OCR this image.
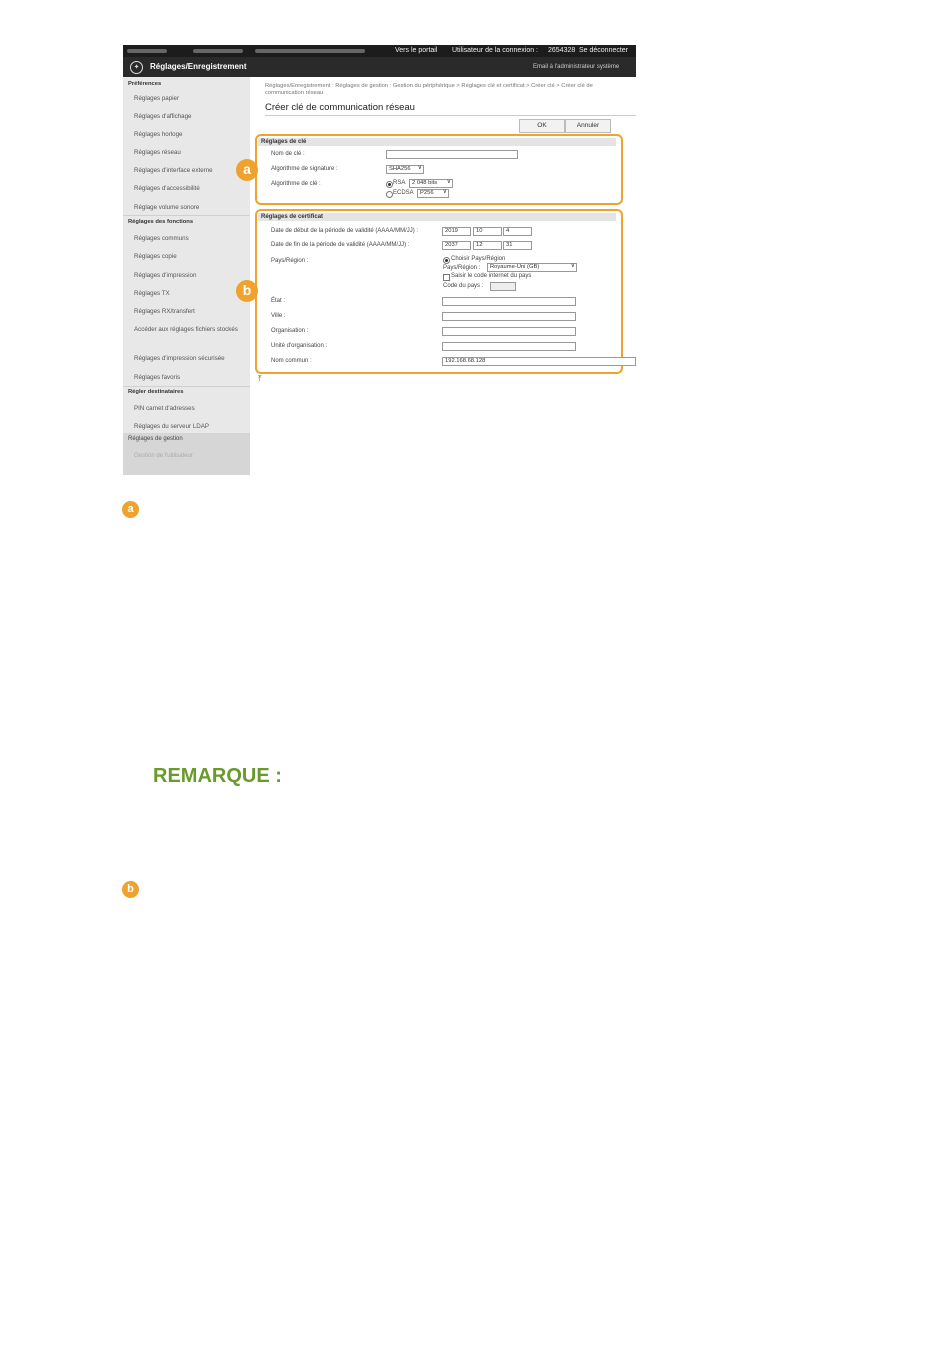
Vers le portail Utilisateur de la connexion : 2654328 Se déconnecter
✦	Réglages/Enregistrement	Email à l'administrateur système
Préférences
Réglages papier
Réglages d'affichage
Réglages horloge
Réglages réseau
Réglages d'interface externe
Réglages d'accessibilité
Réglage volume sonore
Réglages des fonctions
Réglages communs
Réglages copie
Réglages d'impression
Réglages TX
Réglages RX/transfert
Accéder aux réglages fichiers stockés
Réglages d'impression sécurisée
Réglages favoris
Régler destinataires
PIN carnet d'adresses
Réglages du serveur LDAP
Réglages de gestion
Gestion de l'utilisateur
Réglages/Enregistrement : Réglages de gestion : Gestion du périphérique > Réglages clé et certificat > Créer clé > Créer clé de communication réseau
Créer clé de communication réseau
OK	Annuler
Réglages de clé
Nom de clé :
Algorithme de signature :	SHA256 ∨
Algorithme de clé :	RSA	2 048 bits ∨
ECDSA	P256 ∨
Réglages de certificat
Date de début de la période de validité (AAAA/MM/JJ) :	2019	10	4
Date de fin de la période de validité (AAAA/MM/JJ) :	2037	12	31
Pays/Région :	Choisir Pays/Région
Pays/Région :	Royaume-Uni (GB) ∨
Saisir le code internet du pays
Code du pays :
État :
Ville :
Organisation :
Unité d'organisation :
Nom commun :	192.168.68.128
⤒
a
b
a
REMARQUE :
b
